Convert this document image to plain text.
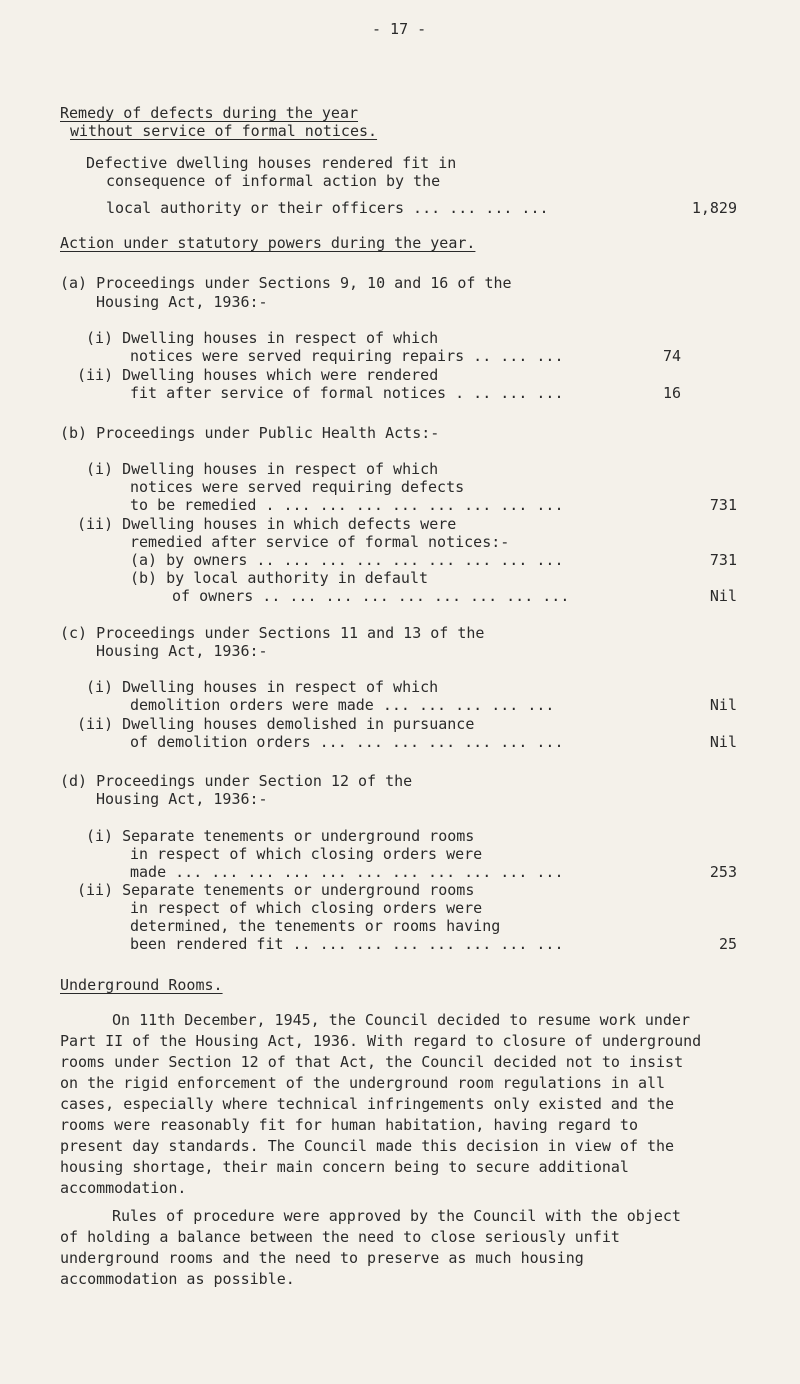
- 17 -
Remedy of defects during the year
without service of formal notices.
Defective dwelling houses rendered fit in
consequence of informal action by the
local authority or their officers ... ... ... ...	1,829
Action under statutory powers during the year.
(a) Proceedings under Sections 9, 10 and 16 of the
Housing Act, 1936:-
(i) Dwelling houses in respect of which
notices were served requiring repairs .. ... ...	74
(ii) Dwelling houses which were rendered
fit after service of formal notices . .. ... ...	16
(b) Proceedings under Public Health Acts:-
(i) Dwelling houses in respect of which
notices were served requiring defects
to be remedied . ... ... ... ... ... ... ... ...	731
(ii) Dwelling houses in which defects were
remedied after service of formal notices:-
(a) by owners .. ... ... ... ... ... ... ... ...	731
(b) by local authority in default
of owners .. ... ... ... ... ... ... ... ...	Nil
(c) Proceedings under Sections 11 and 13 of the
Housing Act, 1936:-
(i) Dwelling houses in respect of which
demolition orders were made ... ... ... ... ...	Nil
(ii) Dwelling houses demolished in pursuance
of demolition orders ... ... ... ... ... ... ...	Nil
(d) Proceedings under Section 12 of the
Housing Act, 1936:-
(i) Separate tenements or underground rooms
in respect of which closing orders were
made ... ... ... ... ... ... ... ... ... ... ...	253
(ii) Separate tenements or underground rooms
in respect of which closing orders were
determined, the tenements or rooms having
been rendered fit .. ... ... ... ... ... ... ...	25
Underground Rooms.
On 11th December, 1945, the Council decided to resume work under Part II of the Housing Act, 1936. With regard to closure of underground rooms under Section 12 of that Act, the Council decided not to insist on the rigid enforcement of the underground room regulations in all cases, especially where technical infringements only existed and the rooms were reasonably fit for human habitation, having regard to present day standards. The Council made this decision in view of the housing shortage, their main concern being to secure additional accommodation.
Rules of procedure were approved by the Council with the object of holding a balance between the need to close seriously unfit underground rooms and the need to preserve as much housing accommodation as possible.
